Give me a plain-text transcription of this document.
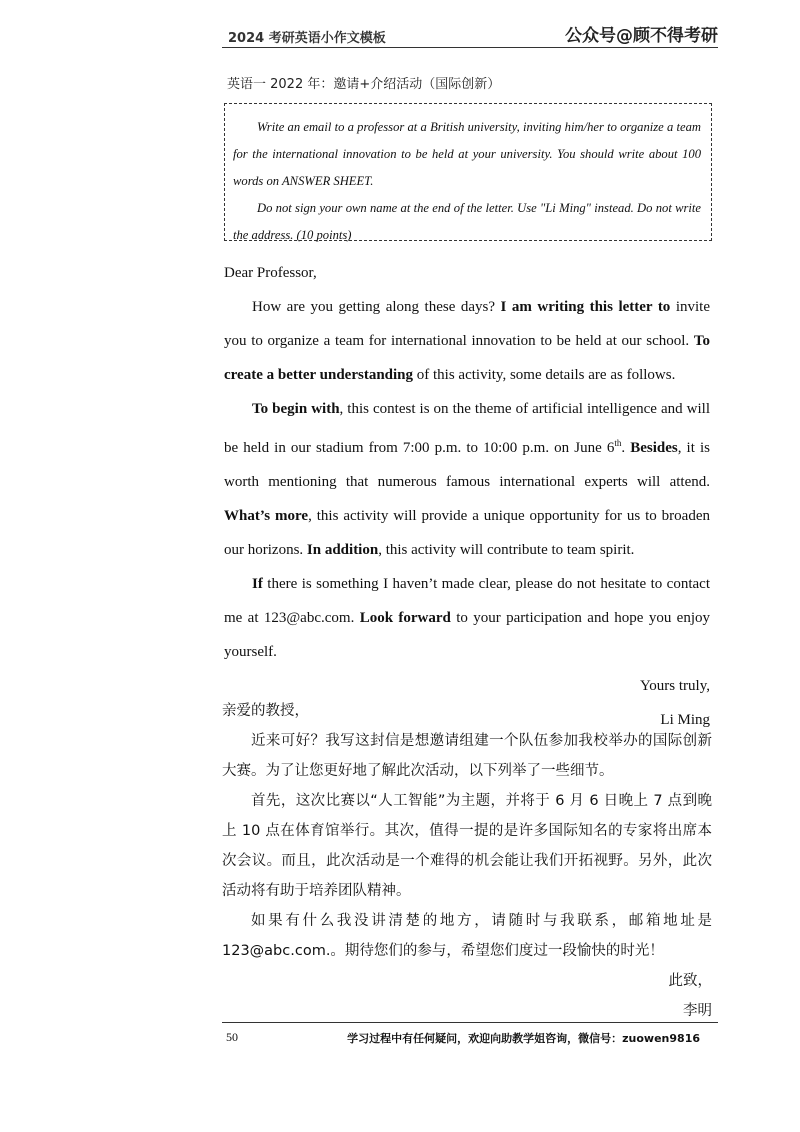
2024 考研英语小作文模板	公众号@顾不得考研
英语一 2022 年：邀请+介绍活动（国际创新）

Write an email to a professor at a British university, inviting him/her to organize a team for the international innovation to be held at your university. You should write about 100 words on ANSWER SHEET.

Do not sign your own name at the end of the letter. Use "Li Ming" instead. Do not write the address. (10 points)

Dear Professor,

How are you getting along these days? I am writing this letter to invite you to organize a team for international innovation to be held at our school. To create a better understanding of this activity, some details are as follows.

To begin with, this contest is on the theme of artificial intelligence and will be held in our stadium from 7:00 p.m. to 10:00 p.m. on June 6th. Besides, it is worth mentioning that numerous famous international experts will attend. What’s more, this activity will provide a unique opportunity for us to broaden our horizons. In addition, this activity will contribute to team spirit.

If there is something I haven’t made clear, please do not hesitate to contact me at 123@abc.com. Look forward to your participation and hope you enjoy yourself.

Yours truly,

Li Ming

亲爱的教授，

近来可好？我写这封信是想邀请组建一个队伍参加我校举办的国际创新大赛。为了让您更好地了解此次活动，以下列举了一些细节。

首先，这次比赛以“人工智能”为主题，并将于 6 月 6 日晚上 7 点到晚上 10 点在体育馆举行。其次，值得一提的是许多国际知名的专家将出席本次会议。而且，此次活动是一个难得的机会能让我们开拓视野。另外，此次活动将有助于培养团队精神。

如果有什么我没讲清楚的地方，请随时与我联系，邮箱地址是 123@abc.com.。期待您们的参与，希望您们度过一段愉快的时光！

此致，

李明

50	学习过程中有任何疑问，欢迎向助教学姐咨询，微信号：zuowen9816
